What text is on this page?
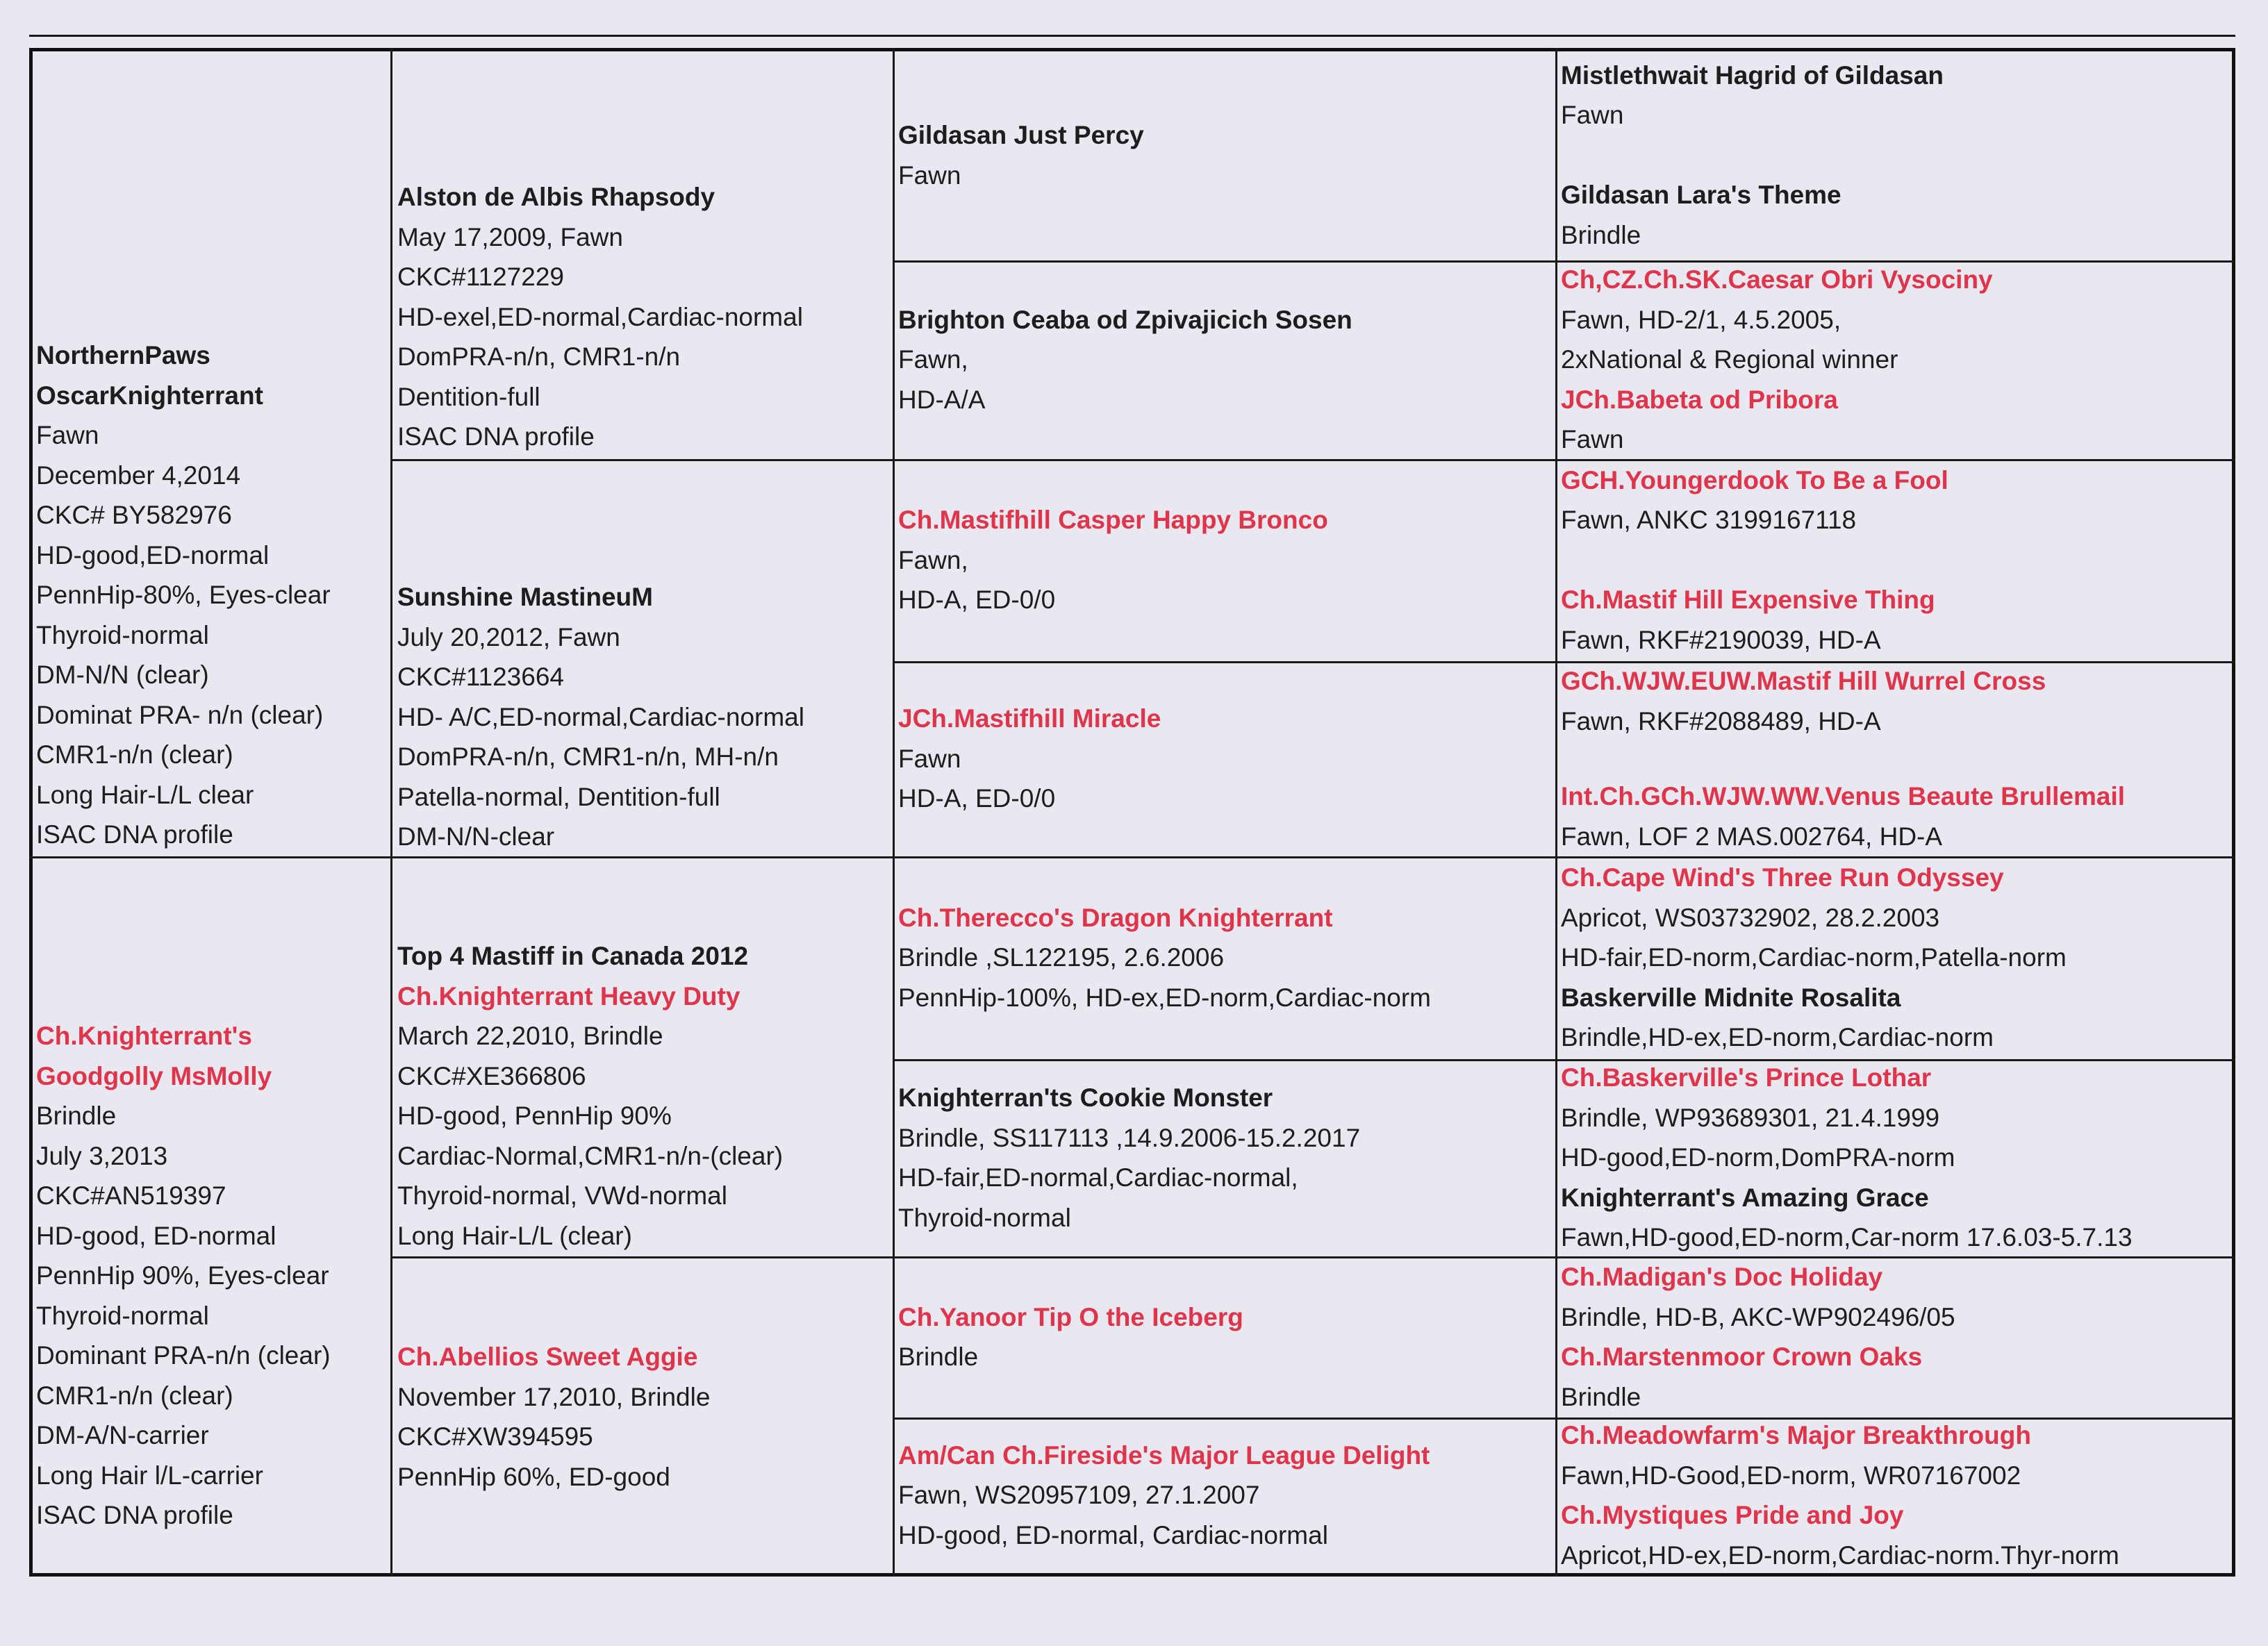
NorthernPaws
OscarKnighterrant
Fawn
December 4,2014
CKC# BY582976
HD-good,ED-normal
PennHip-80%, Eyes-clear
Thyroid-normal
DM-N/N (clear)
Dominat PRA- n/n (clear)
CMR1-n/n (clear)
Long Hair-L/L clear
ISAC DNA profile
Ch.Knighterrant's
Goodgolly MsMolly
Brindle
July 3,2013
CKC#AN519397
HD-good, ED-normal
PennHip 90%, Eyes-clear
Thyroid-normal
Dominant PRA-n/n (clear)
CMR1-n/n (clear)
DM-A/N-carrier
Long Hair l/L-carrier
ISAC DNA profile
Alston de Albis Rhapsody
May 17,2009, Fawn
CKC#1127229
HD-exel,ED-normal,Cardiac-normal
DomPRA-n/n, CMR1-n/n
Dentition-full
ISAC DNA profile
Sunshine MastineuM
July 20,2012, Fawn
CKC#1123664
HD- A/C,ED-normal,Cardiac-normal
DomPRA-n/n, CMR1-n/n, MH-n/n
Patella-normal, Dentition-full
DM-N/N-clear
Top 4 Mastiff in Canada 2012
Ch.Knighterrant Heavy Duty
March 22,2010, Brindle
CKC#XE366806
HD-good, PennHip 90%
Cardiac-Normal,CMR1-n/n-(clear)
Thyroid-normal, VWd-normal
Long Hair-L/L (clear)
Ch.Abellios Sweet Aggie
November 17,2010, Brindle
CKC#XW394595
PennHip 60%, ED-good
Gildasan Just Percy
Fawn
Brighton Ceaba od Zpivajicich Sosen
Fawn,
HD-A/A
Ch.Mastifhill Casper Happy Bronco
Fawn,
HD-A, ED-0/0
JCh.Mastifhill Miracle
Fawn
HD-A, ED-0/0
Ch.Therecco's Dragon Knighterrant
Brindle ,SL122195, 2.6.2006
PennHip-100%, HD-ex,ED-norm,Cardiac-norm
Knighterran'ts Cookie Monster
Brindle, SS117113 ,14.9.2006-15.2.2017
HD-fair,ED-normal,Cardiac-normal,
Thyroid-normal
Ch.Yanoor Tip O the Iceberg
Brindle
Am/Can Ch.Fireside's Major League Delight
Fawn, WS20957109, 27.1.2007
HD-good, ED-normal, Cardiac-normal
Mistlethwait Hagrid of Gildasan
Fawn
Gildasan Lara's Theme
Brindle
Ch,CZ.Ch.SK.Caesar Obri Vysociny
Fawn, HD-2/1, 4.5.2005,
2xNational & Regional winner
JCh.Babeta od Pribora
Fawn
GCH.Youngerdook To Be a Fool
Fawn, ANKC 3199167118
Ch.Mastif Hill Expensive Thing
Fawn, RKF#2190039, HD-A
GCh.WJW.EUW.Mastif Hill Wurrel Cross
Fawn, RKF#2088489, HD-A
Int.Ch.GCh.WJW.WW.Venus Beaute Brullemail
Fawn, LOF 2 MAS.002764, HD-A
Ch.Cape Wind's Three Run Odyssey
Apricot, WS03732902, 28.2.2003
HD-fair,ED-norm,Cardiac-norm,Patella-norm
Baskerville Midnite Rosalita
Brindle,HD-ex,ED-norm,Cardiac-norm
Ch.Baskerville's Prince Lothar
Brindle, WP93689301, 21.4.1999
HD-good,ED-norm,DomPRA-norm
Knighterrant's Amazing Grace
Fawn,HD-good,ED-norm,Car-norm 17.6.03-5.7.13
Ch.Madigan's Doc Holiday
Brindle, HD-B, AKC-WP902496/05
Ch.Marstenmoor Crown Oaks
Brindle
Ch.Meadowfarm's Major Breakthrough
Fawn,HD-Good,ED-norm, WR07167002
Ch.Mystiques Pride and Joy
Apricot,HD-ex,ED-norm,Cardiac-norm.Thyr-norm
